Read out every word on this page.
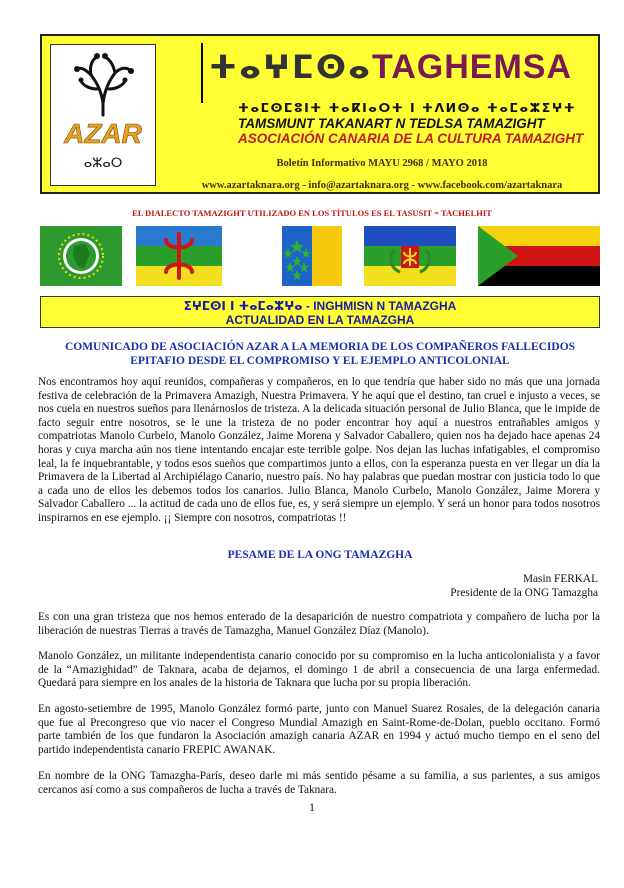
AZAR
ⴰⵣⴰⵔ
ⵜⴰⵖⵎⵙⴰ TAGHEMSA
ⵜⴰⵎⵙⵎⵓⵏⵜ ⵜⴰⴽⵏⴰⵔⵜ ⵏ ⵜⴷⵍⵙⴰ ⵜⴰⵎⴰⵣⵉⵖⵜ
TAMSMUNT TAKANART N TEDLSA TAMAZIGHT
ASOCIACIÓN CANARIA DE LA CULTURA TAMAZIGHT
Boletín Informativo MAYU 2968 / MAYO 2018
www.azartaknara.org - info@azartaknara.org - www.facebook.com/azartaknara
EL DIALECTO TAMAZIGHT UTILIZADO EN LOS TÍTULOS ES EL TASUSIT = TACHELHIT
ⵉⵖⵎⵙⵏ ⵏ ⵜⴰⵎⴰⵣⵖⴰ - INGHMISN N TAMAZGHA
ACTUALIDAD EN LA TAMAZGHA
COMUNICADO DE ASOCIACIÓN AZAR A LA MEMORIA DE LOS COMPAÑEROS FALLECIDOS
EPITAFIO DESDE EL COMPROMISO Y EL EJEMPLO ANTICOLONIAL

Nos encontramos hoy aquí reunidos, compañeras y compañeros, en lo que tendría que haber sido no más que una jornada festiva de celebración de la Primavera Amazigh, Nuestra Primavera. Y he aquí que el destino, tan cruel e injusto a veces, se nos cuela en nuestros sueños para llenárnoslos de tristeza. A la delicada situación personal de Julio Blanca, que le impide de facto seguir entre nosotros, se le une la tristeza de no poder encontrar hoy aquí a nuestros entrañables amigos y compatriotas Manolo Curbelo, Manolo González, Jaime Morena y Salvador Caballero, quien nos ha dejado hace apenas 24 horas y cuya marcha aún nos tiene intentando encajar este terrible golpe. Nos dejan las luchas infatigables, el compromiso leal, la fe inquebrantable, y todos esos sueños que compartimos junto a ellos, con la esperanza puesta en ver llegar un día la Primavera de la Libertad al Archipiélago Canario, nuestro país. No hay palabras que puedan mostrar con justicia todo lo que a cada uno de ellos les debemos todos los canarios. Julio Blanca, Manolo Curbelo, Manolo González, Jaime Morera y Salvador Caballero ... la actitud de cada uno de ellos fue, es, y será siempre un ejemplo. Y será un honor para todos nosotros inspirarnos en ese ejemplo. ¡¡ Siempre con nosotros, compatriotas !!

PESAME DE LA ONG TAMAZGHA
Masin FERKAL
Presidente de la ONG Tamazgha

Es con una gran tristeza que nos hemos enterado de la desaparición de nuestro compatriota y compañero de lucha por la liberación de nuestras Tierras a través de Tamazgha, Manuel González Díaz (Manolo).

Manolo González, un militante independentista canario conocido por su compromiso en la lucha anticolonialista y a favor de la “Amazighidad” de Taknara, acaba de dejarnos, el domingo 1 de abril a consecuencia de una larga enfermedad. Quedará para siempre en los anales de la historia de Taknara que lucha por su propia liberación.

En agosto-setiembre de 1995, Manolo González formó parte, junto con Manuel Suarez Rosales, de la delegación canaria que fue al Precongreso que vio nacer el Congreso Mundial Amazigh en Saint-Rome-de-Dolan, pueblo occitano. Formó parte también de los que fundaron la Asociación amazigh canaria AZAR en 1994 y actuó mucho tiempo en el seno del partido independentista canario FREPIC AWANAK.

En nombre de la ONG Tamazgha-París, deseo darle mi más sentido pésame a su familia, a sus parientes, a sus amigos cercanos así como a sus compañeros de lucha a través de Taknara.

1
